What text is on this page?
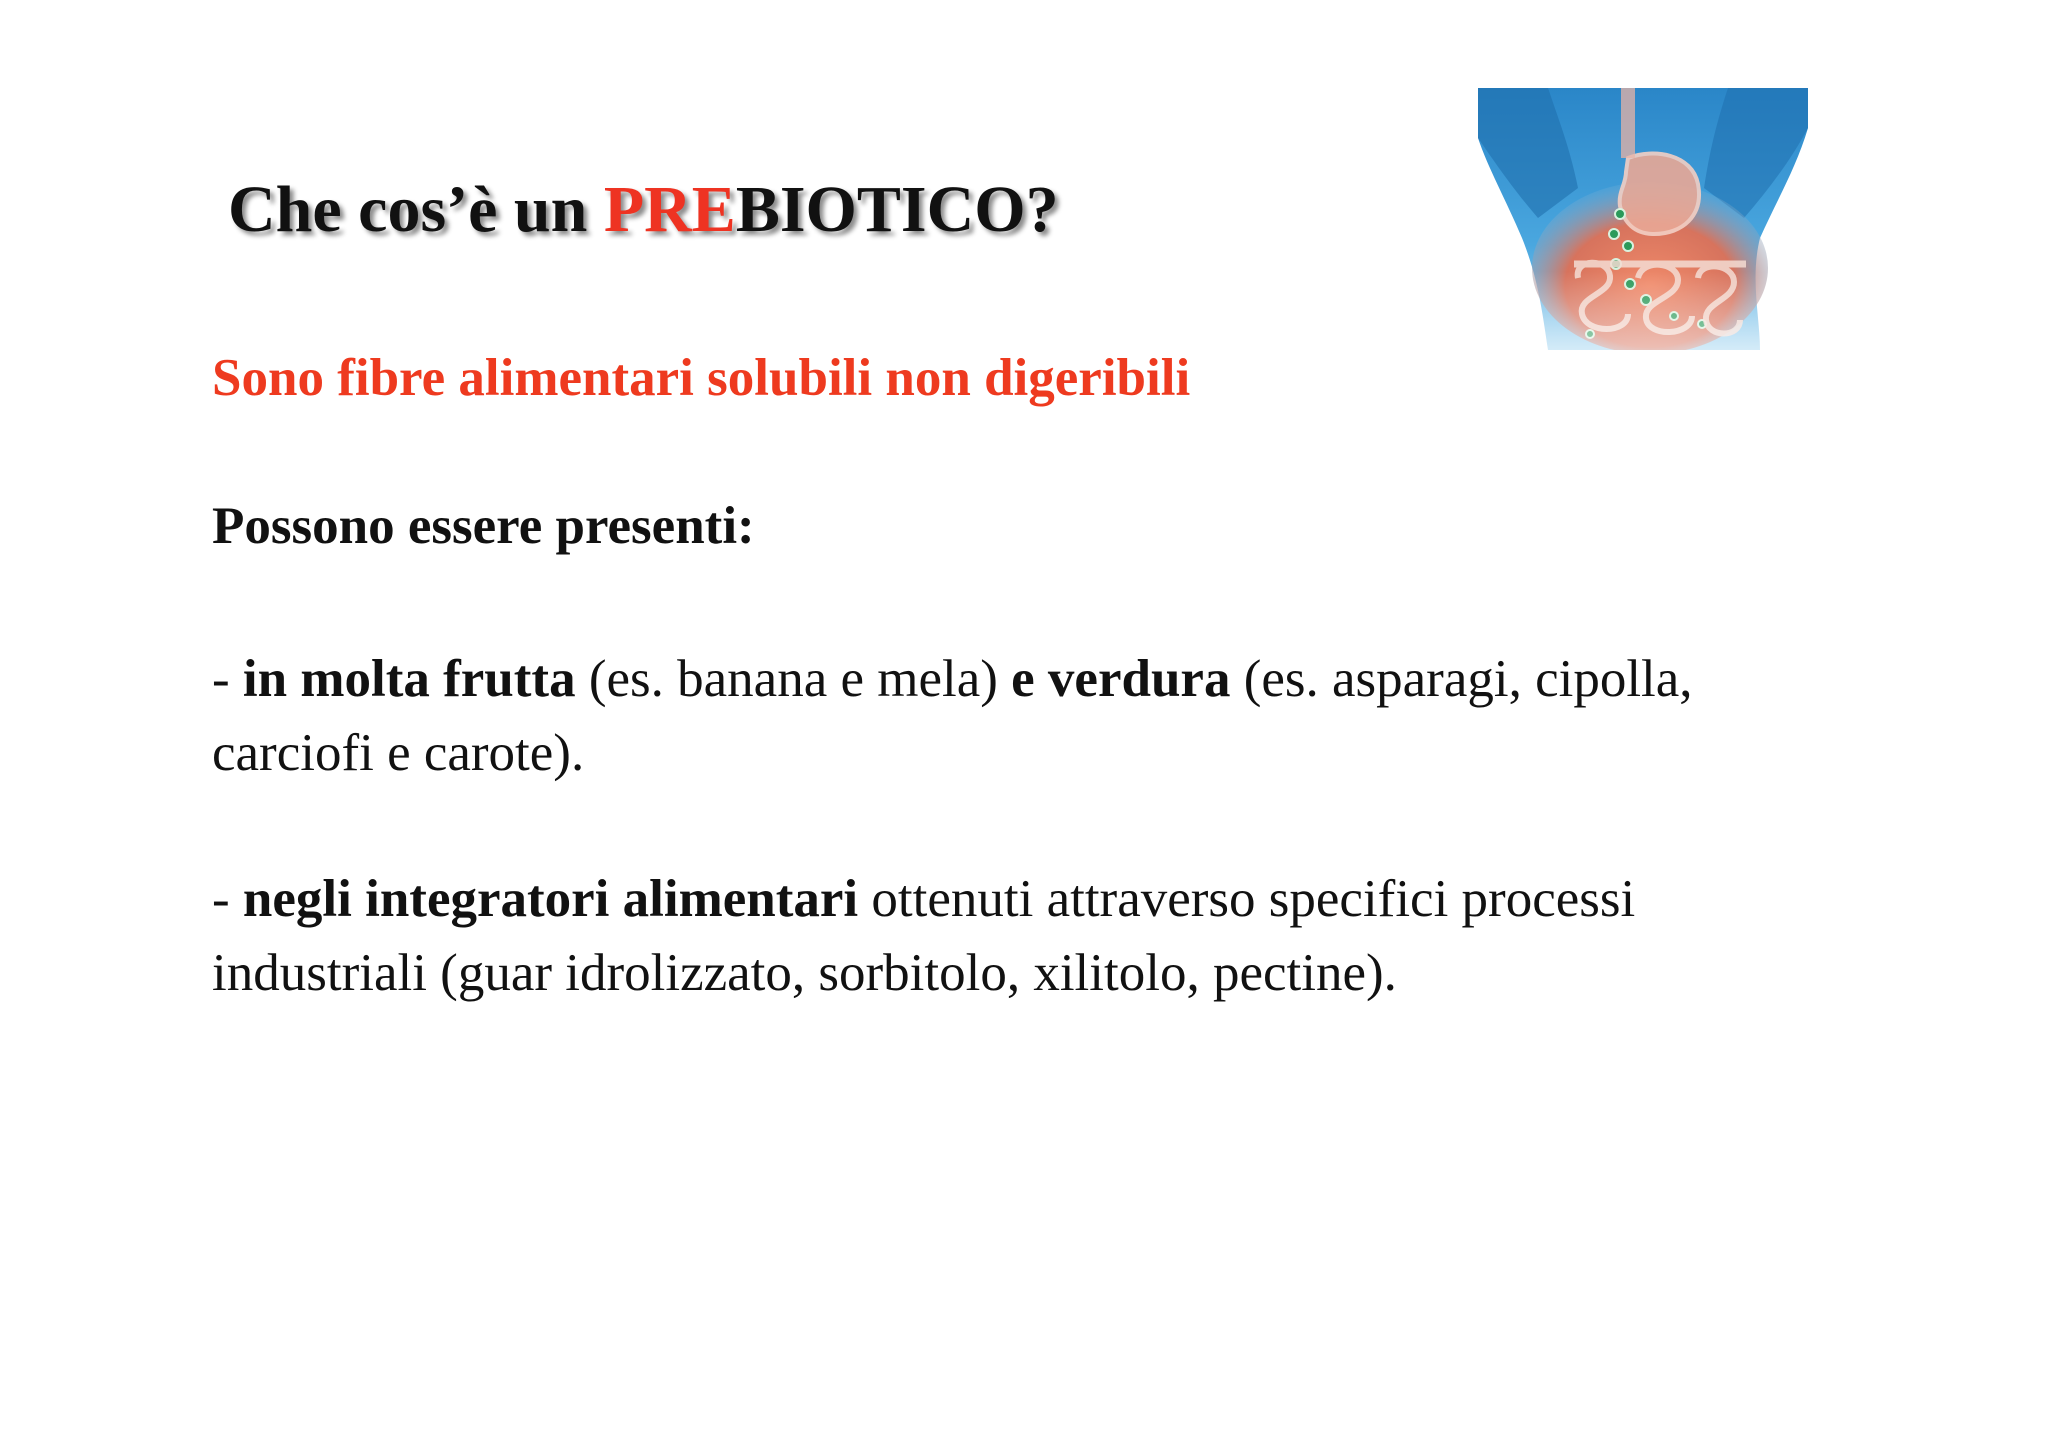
Che cos’è un PREBIOTICO?

Sono fibre alimentari solubili non digeribili

Possono essere presenti:

- in molta frutta (es. banana e mela) e verdura (es. asparagi, cipolla, carciofi e carote).

- negli integratori alimentari ottenuti attraverso specifici processi industriali (guar idrolizzato, sorbitolo, xilitolo, pectine).
